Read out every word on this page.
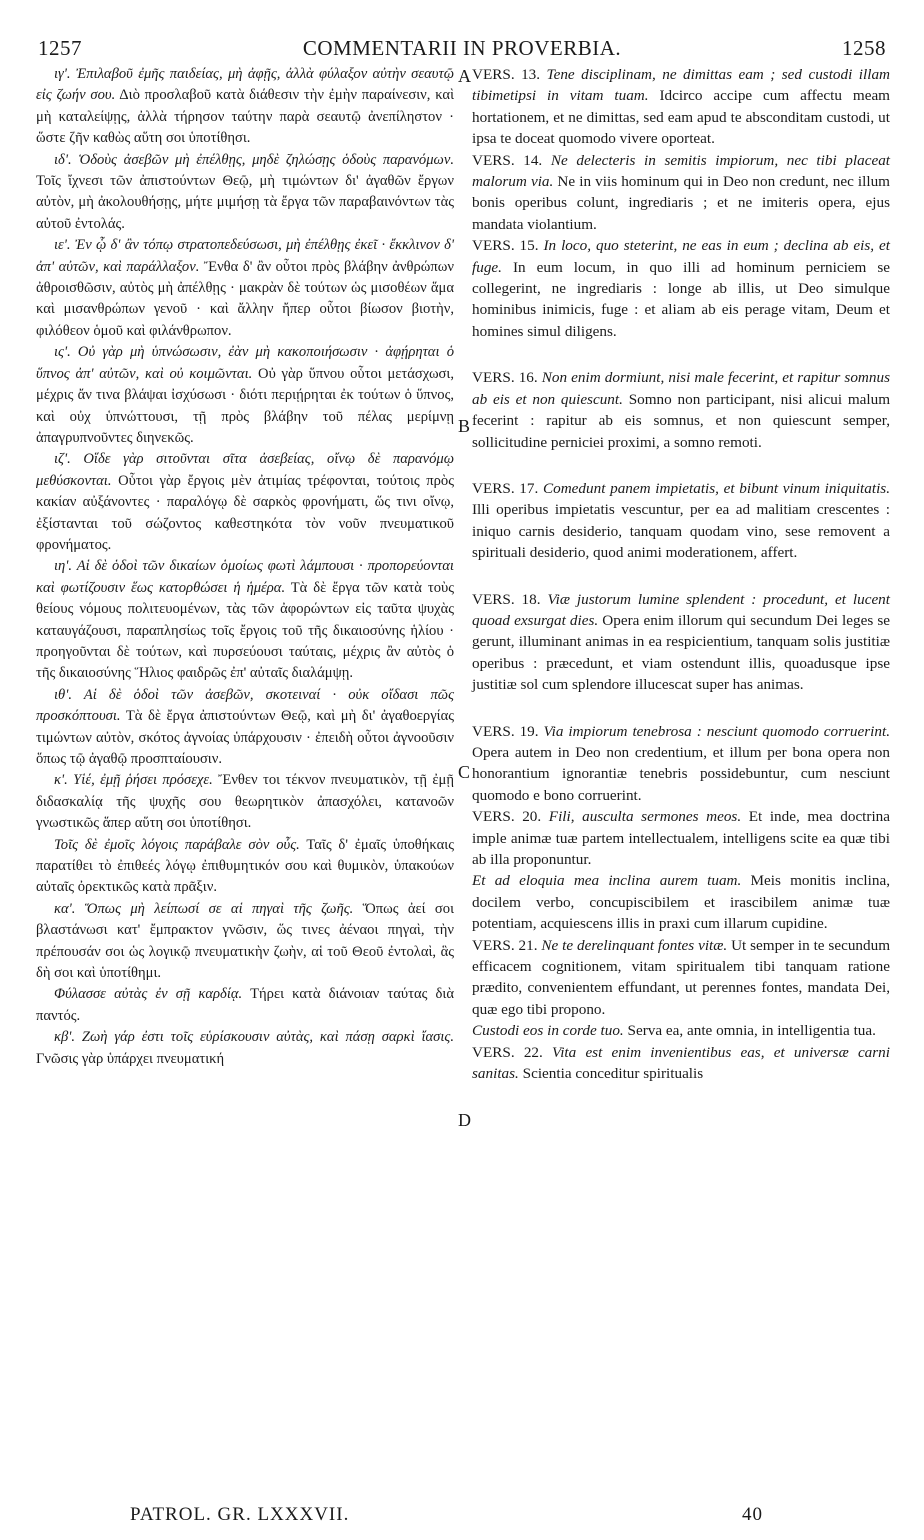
1257	COMMENTARII IN PROVERBIA.	1258

ιγ'. Ἐπιλαβοῦ ἐμῆς παιδείας, μὴ ἀφῇς, ἀλλὰ φύλαξον αὐτὴν σεαυτῷ εἰς ζωήν σου. Διὸ προσλαβοῦ κατὰ διάθεσιν τὴν ἐμὴν παραίνεσιν, καὶ μὴ καταλείψῃς, ἀλλὰ τήρησον ταύτην παρὰ σεαυτῷ ἀνεπίληστον · ὥστε ζῆν καθὼς αὕτη σοι ὑποτίθησι.

ιδ'. Ὁδοὺς ἀσεβῶν μὴ ἐπέλθῃς, μηδὲ ζηλώσῃς ὁδοὺς παρανόμων. Τοῖς ἴχνεσι τῶν ἀπιστούντων Θεῷ, μὴ τιμώντων δι' ἀγαθῶν ἔργων αὐτὸν, μὴ ἀκολουθήσῃς, μήτε μιμήσῃ τὰ ἔργα τῶν παραβαινόντων τὰς αὐτοῦ ἐντολάς.

ιε'. Ἐν ᾧ δ' ἂν τόπῳ στρατοπεδεύσωσι, μὴ ἐπέλθῃς ἐκεῖ · ἔκκλινον δ' ἀπ' αὐτῶν, καὶ παράλλαξον. Ἔνθα δ' ἂν οὗτοι πρὸς βλάβην ἀνθρώπων ἀθροισθῶσιν, αὐτὸς μὴ ἀπέλθῃς · μακρὰν δὲ τούτων ὡς μισοθέων ἅμα καὶ μισανθρώπων γενοῦ · καὶ ἄλλην ἤπερ οὗτοι βίωσον βιοτὴν, φιλόθεον ὁμοῦ καὶ φιλάνθρωπον.

ις'. Οὐ γὰρ μὴ ὑπνώσωσιν, ἐὰν μὴ κακοποιήσωσιν · ἀφῄρηται ὁ ὕπνος ἀπ' αὐτῶν, καὶ οὐ κοιμῶνται. Οὐ γὰρ ὕπνου οὗτοι μετάσχωσι, μέχρις ἄν τινα βλάψαι ἰσχύσωσι · διότι περιῄρηται ἐκ τούτων ὁ ὕπνος, καὶ οὐχ ὑπνώττουσι, τῇ πρὸς βλάβην τοῦ πέλας μερίμνῃ ἀπαγρυπνοῦντες διηνεκῶς.

ιζ'. Οἵδε γὰρ σιτοῦνται σῖτα ἀσεβείας, οἴνῳ δὲ παρανόμῳ μεθύσκονται. Οὗτοι γὰρ ἔργοις μὲν ἀτιμίας τρέφονται, τούτοις πρὸς κακίαν αὐξάνοντες · παραλόγῳ δὲ σαρκὸς φρονήματι, ὥς τινι οἴνῳ, ἐξίστανται τοῦ σώζοντος καθεστηκότα τὸν νοῦν πνευματικοῦ φρονήματος.

ιη'. Αἱ δὲ ὁδοὶ τῶν δικαίων ὁμοίως φωτὶ λάμπουσι · προπορεύονται καὶ φωτίζουσιν ἕως κατορθώσει ἡ ἡμέρα. Τὰ δὲ ἔργα τῶν κατὰ τοὺς θείους νόμους πολιτευομένων, τὰς τῶν ἀφορώντων εἰς ταῦτα ψυχὰς καταυγάζουσι, παραπλησίως τοῖς ἔργοις τοῦ τῆς δικαιοσύνης ἡλίου · προηγοῦνται δὲ τούτων, καὶ πυρσεύουσι ταύταις, μέχρις ἂν αὐτὸς ὁ τῆς δικαιοσύνης Ἥλιος φαιδρῶς ἐπ' αὐταῖς διαλάμψῃ.

ιθ'. Αἱ δὲ ὁδοὶ τῶν ἀσεβῶν, σκοτειναί · οὐκ οἴδασι πῶς προσκόπτουσι. Τὰ δὲ ἔργα ἀπιστούντων Θεῷ, καὶ μὴ δι' ἀγαθοεργίας τιμώντων αὐτὸν, σκότος ἀγνοίας ὑπάρχουσιν · ἐπειδὴ οὗτοι ἀγνοοῦσιν ὅπως τῷ ἀγαθῷ προσπταίουσιν.

κ'. Υἱέ, ἐμῇ ῥήσει πρόσεχε. Ἔνθεν τοι τέκνον πνευματικὸν, τῇ ἐμῇ διδασκαλίᾳ τῆς ψυχῆς σου θεωρητικὸν ἀπασχόλει, κατανοῶν γνωστικῶς ἅπερ αὕτη σοι ὑποτίθησι.

Τοῖς δὲ ἐμοῖς λόγοις παράβαλε σὸν οὖς. Ταῖς δ' ἐμαῖς ὑποθήκαις παρατίθει τὸ ἐπιθεές λόγῳ ἐπιθυμητικόν σου καὶ θυμικὸν, ὑπακούων αὐταῖς ὀρεκτικῶς κατὰ πρᾶξιν.

κα'. Ὅπως μὴ λείπωσί σε αἱ πηγαὶ τῆς ζωῆς. Ὅπως ἀεί σοι βλαστάνωσι κατ' ἔμπρακτον γνῶσιν, ὥς τινες ἀέναοι πηγαὶ, τὴν πρέπουσάν σοι ὡς λογικῷ πνευματικὴν ζωὴν, αἱ τοῦ Θεοῦ ἐντολαὶ, ἃς δὴ σοι καὶ ὑποτίθημι.

Φύλασσε αὐτὰς ἐν σῇ καρδίᾳ. Τήρει κατὰ διάνοιαν ταύτας διὰ παντός.

κβ'. Ζωὴ γάρ ἐστι τοῖς εὑρίσκουσιν αὐτὰς, καὶ πάσῃ σαρκὶ ἴασις. Γνῶσις γὰρ ὑπάρχει πνευματική

VERS. 13. Tene disciplinam, ne dimittas eam ; sed custodi illam tibimetipsi in vitam tuam. Idcirco accipe cum affectu meam hortationem, et ne dimittas, sed eam apud te absconditam custodi, ut ipsa te doceat quomodo vivere oporteat.

VERS. 14. Ne delecteris in semitis impiorum, nec tibi placeat malorum via. Ne in viis hominum qui in Deo non credunt, nec illum bonis operibus colunt, ingrediaris ; et ne imiteris opera, ejus mandata violantium.

VERS. 15. In loco, quo steterint, ne eas in eum ; declina ab eis, et fuge. In eum locum, in quo illi ad hominum perniciem se collegerint, ne ingrediaris : longe ab illis, ut Deo simulque hominibus inimicis, fuge : et aliam ab eis perage vitam, Deum et homines simul diligens.

VERS. 16. Non enim dormiunt, nisi male fecerint, et rapitur somnus ab eis et non quiescunt. Somno non participant, nisi alicui malum fecerint : rapitur ab eis somnus, et non quiescunt semper, sollicitudine perniciei proximi, a somno remoti.

VERS. 17. Comedunt panem impietatis, et bibunt vinum iniquitatis. Illi operibus impietatis vescuntur, per ea ad malitiam crescentes : iniquo carnis desiderio, tanquam quodam vino, sese removent a spirituali desiderio, quod animi moderationem, affert.

VERS. 18. Viæ justorum lumine splendent : procedunt, et lucent quoad exsurgat dies. Opera enim illorum qui secundum Dei leges se gerunt, illuminant animas in ea respicientium, tanquam solis justitiæ operibus : præcedunt, et viam ostendunt illis, quoadusque ipse justitiæ sol cum splendore illucescat super has animas.

VERS. 19. Via impiorum tenebrosa : nesciunt quomodo corruerint. Opera autem in Deo non credentium, et illum per bona opera non honorantium ignorantiæ tenebris possidebuntur, cum nesciunt quomodo e bono corruerint.

VERS. 20. Fili, ausculta sermones meos. Et inde, mea doctrina imple animæ tuæ partem intellectualem, intelligens scite ea quæ tibi ab illa proponuntur.

Et ad eloquia mea inclina aurem tuam. Meis monitis inclina, docilem verbo, concupiscibilem et irascibilem animæ tuæ potentiam, acquiescens illis in praxi cum illarum cupidine.

VERS. 21. Ne te derelinquant fontes vitæ. Ut semper in te secundum efficacem cognitionem, vitam spiritualem tibi tanquam ratione prædito, convenientem effundant, ut perennes fontes, mandata Dei, quæ ego tibi propono.

Custodi eos in corde tuo. Serva ea, ante omnia, in intelligentia tua.

VERS. 22. Vita est enim invenientibus eas, et universæ carni sanitas. Scientia conceditur spiritualis

A
B
C
D
PATROL. GR. LXXXVII.	40
